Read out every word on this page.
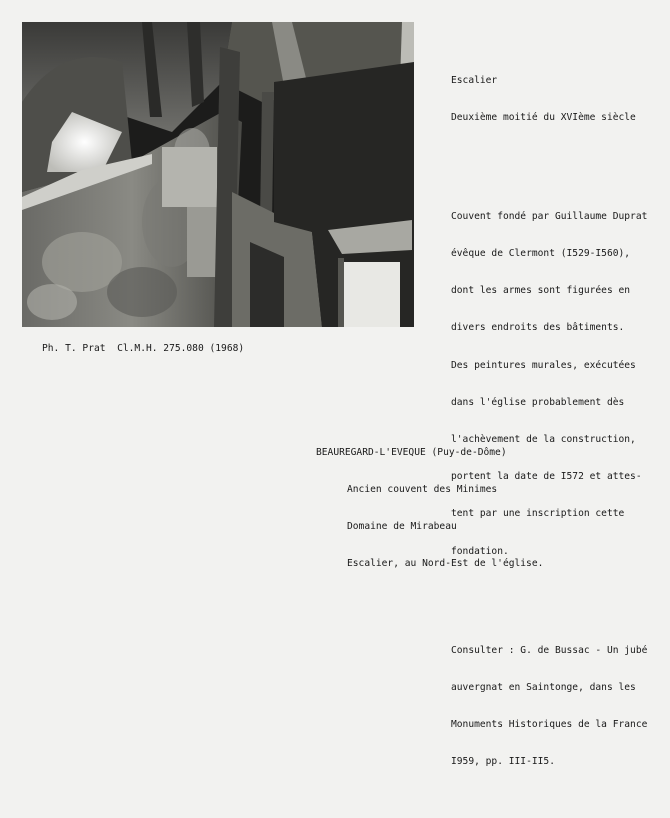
Escalier

Deuxième moitié du XVIème siècle

Couvent fondé par Guillaume Duprat

évêque de Clermont (I529-I560),

dont les armes sont figurées en

divers endroits des bâtiments.

Des peintures murales, exécutées

dans l'église probablement dès

l'achèvement de la construction,

portent la date de I572 et attes-

tent par une inscription cette

fondation.

Consulter : G. de Bussac - Un jubé

auvergnat en Saintonge, dans les

Monuments Historiques de la France

I959, pp. III-II5.

Ph. T. Prat  Cl.M.H. 275.080 (1968)

BEAUREGARD-L'EVEQUE (Puy-de-Dôme)

Ancien couvent des Minimes

Domaine de Mirabeau

Escalier, au Nord-Est de l'église.
